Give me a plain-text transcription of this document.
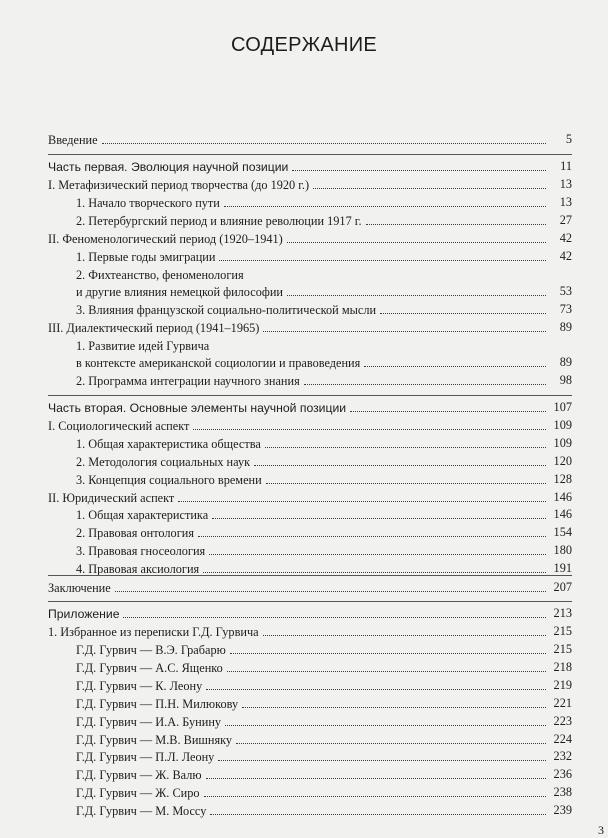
СОДЕРЖАНИЕ
Введение	5
Часть первая. Эволюция научной позиции	11
I. Метафизический период творчества (до 1920 г.)	13
1. Начало творческого пути	13
2. Петербургский период и влияние революции 1917 г.	27
II. Феноменологический период (1920–1941)	42
1. Первые годы эмиграции	42
2. Фихтеанство, феноменология
и другие влияния немецкой философии	53
3. Влияния французской социально-политической мысли	73
III. Диалектический период (1941–1965)	89
1. Развитие идей Гурвича
в контексте американской социологии и правоведения	89
2. Программа интеграции научного знания	98
Часть вторая. Основные элементы научной позиции	107
I. Социологический аспект	109
1. Общая характеристика общества	109
2. Методология социальных наук	120
3. Концепция социального времени	128
II. Юридический аспект	146
1. Общая характеристика	146
2. Правовая онтология	154
3. Правовая гносеология	180
4. Правовая аксиология	191
Заключение	207
Приложение	213
1. Избранное из переписки Г.Д. Гурвича	215
Г.Д. Гурвич — В.Э. Грабарю	215
Г.Д. Гурвич — А.С. Ященко	218
Г.Д. Гурвич — К. Леону	219
Г.Д. Гурвич — П.Н. Милюкову	221
Г.Д. Гурвич — И.А. Бунину	223
Г.Д. Гурвич — М.В. Вишняку	224
Г.Д. Гурвич — П.Л. Леону	232
Г.Д. Гурвич — Ж. Валю	236
Г.Д. Гурвич — Ж. Сиро	238
Г.Д. Гурвич — М. Моссу	239
3
